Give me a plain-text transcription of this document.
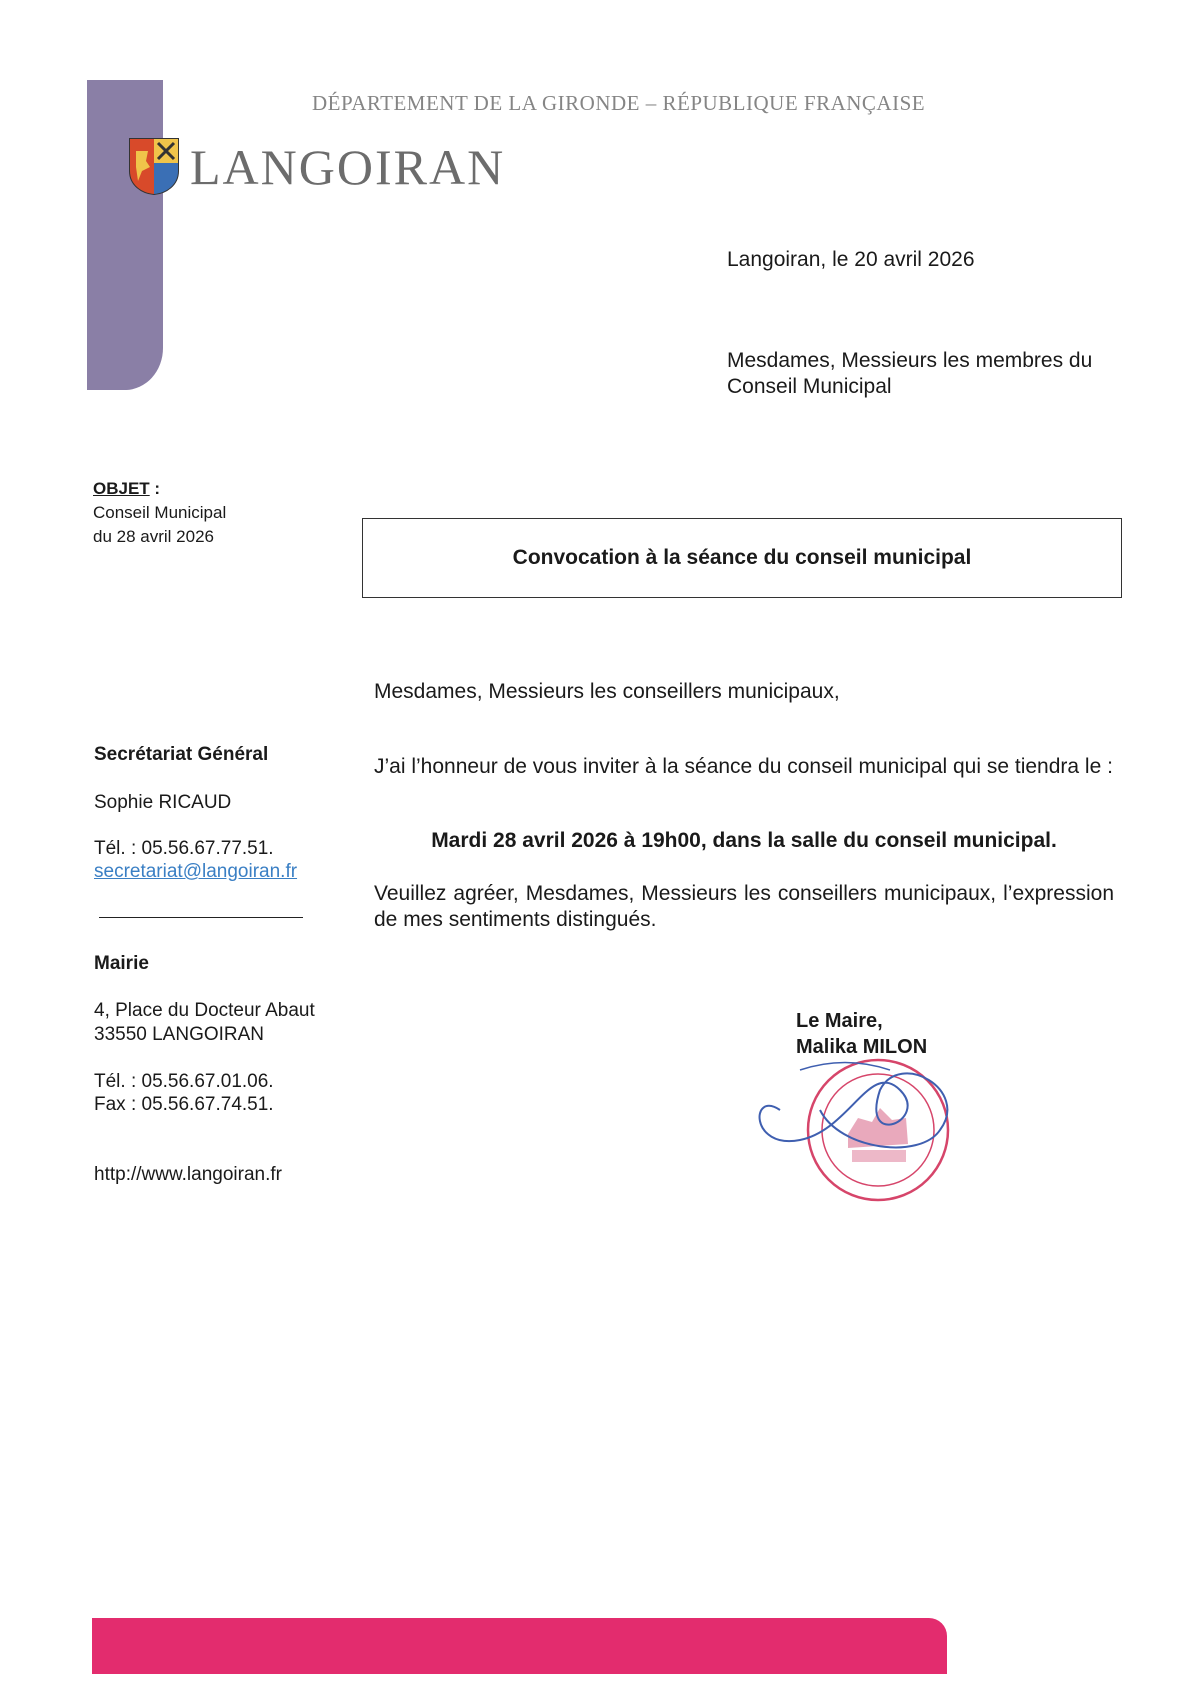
DÉPARTEMENT DE LA GIRONDE – RÉPUBLIQUE FRANÇAISE
LANGOIRAN
Langoiran, le 20 avril 2026
Mesdames, Messieurs les membres du
Conseil Municipal
OBJET :
Conseil Municipal
du 28 avril 2026
Convocation à la séance du conseil municipal
Secrétariat Général
Sophie RICAUD
Tél. : 05.56.67.77.51.
secretariat@langoiran.fr
Mairie
4, Place du Docteur Abaut
33550 LANGOIRAN
Tél. : 05.56.67.01.06.
Fax : 05.56.67.74.51.
http://www.langoiran.fr
Mesdames, Messieurs les conseillers municipaux,
J’ai l’honneur de vous inviter à la séance du conseil municipal qui se tiendra le :
Mardi 28 avril 2026 à 19h00, dans la salle du conseil municipal.
Veuillez agréer, Mesdames, Messieurs les conseillers municipaux, l’expression de mes sentiments distingués.
Le Maire,
Malika MILON
